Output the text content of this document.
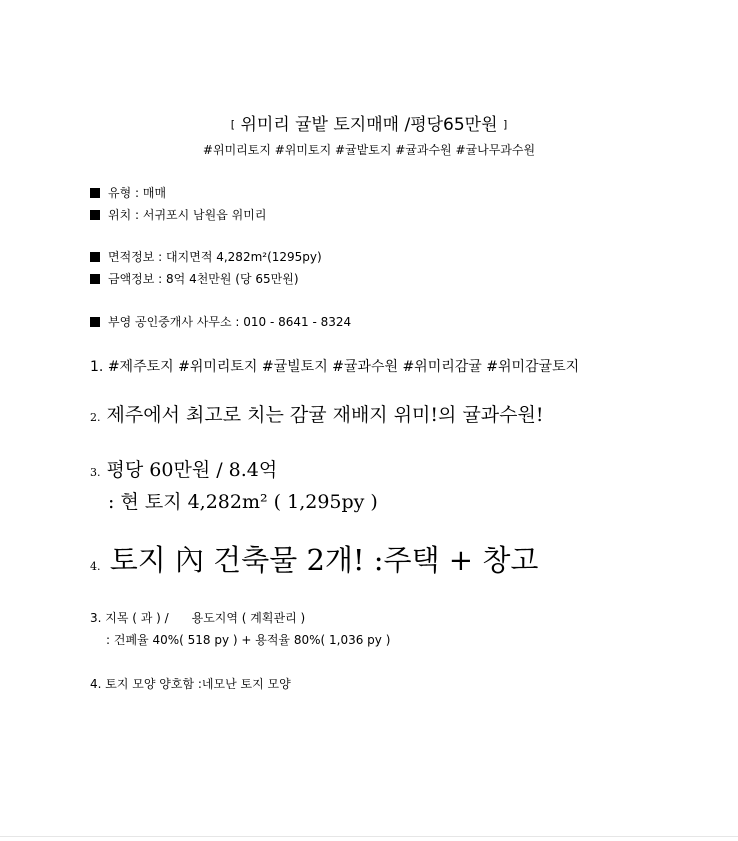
[ 위미리 귤밭 토지매매 /평당65만원 ]
#위미리토지 #위미토지 #귤밭토지 #귤과수원 #귤나무과수원
유형 : 매매
위치 : 서귀포시 남원읍 위미리
면적정보 : 대지면적 4,282m²(1295py)
금액정보 : 8억 4천만원 (당 65만원)
부영 공인중개사 사무소 : 010 - 8641 - 8324
1. #제주토지 #위미리토지 #귤빌토지 #귤과수원 #위미리감귤 #위미감귤토지
2. 제주에서 최고로 치는 감귤 재배지 위미!의 귤과수원!
3. 평당 60만원 / 8.4억
: 현 토지 4,282m² ( 1,295py )
4. 토지 內 건축물 2개! :주택 + 창고
3. 지목 ( 과 ) /      용도지역 ( 계획관리 )
: 건폐율 40%( 518 py ) + 용적율 80%( 1,036 py )
4. 토지 모양 양호함 :네모난 토지 모양
